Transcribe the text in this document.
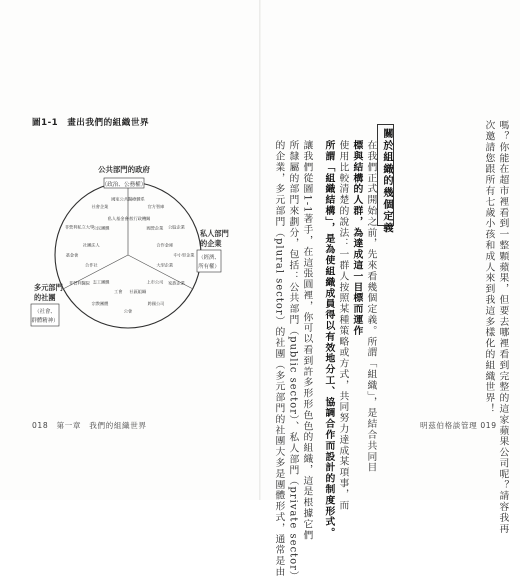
圖1-1　畫出我們的組織世界
公共部門的政府
（政治、公務權）
私人部門
的企業
（經濟、
所有權）
多元部門
的社團
（社會、
群體精神）
國家公共醫療體系
一般行政機關
官方智庫
國營企業 公股企業
合作金庫
中小型企業
大型企業
家族企業
上市公司
跨國公司
社區組織
公會
工會
宗教團體
志工團體
非營利醫院
合作社
基金會
社團法人
非營利私立大學
公民團體
社會企業
私人基金會
018　第一章　我們的組織世界	嗎？你能在超市裡看到一整顆蘋果，但要去哪裡看到完整的這家蘋果公司呢？請容我再
次邀請您跟所有七歲小孩和成人來到我這多樣化的組織世界！
關於組織的幾個定義
在我們正式開始之前，先來看幾個定義。所謂「組織」，是結合共同目
標與結構的人群，為達成這一目標而運作
使用比較清楚的說法：一群人按照某種策略或方式，共同努力達成某項事，而
所謂「組織結構」，是為使組織成員得以有效地分工、協調合作而設計的制度形式。
讓我們從圖1-1著手，在這張圓裡，你可以看到許多形形色色的組織，這是根據它們
所隸屬的部門來劃分，包括：公共部門（public sector）、私人部門（private sector）
的企業，多元部門（plural sector）的社團（多元部門的社團大多是團體形式，通常是由	明茲伯格談管理 019
